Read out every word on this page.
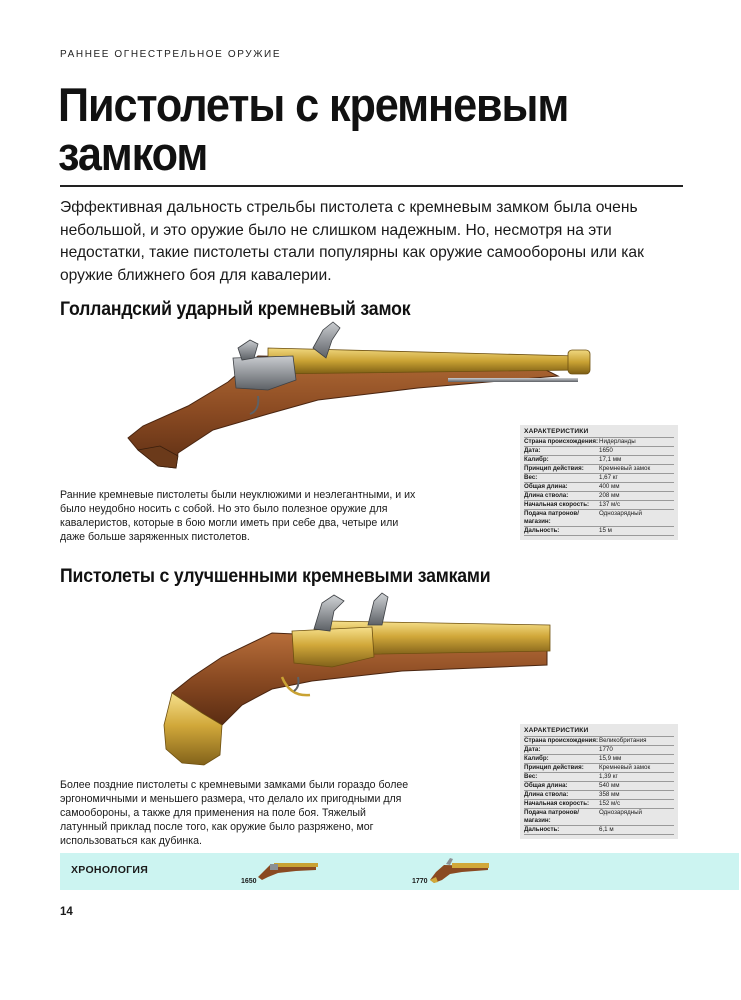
РАННЕЕ ОГНЕСТРЕЛЬНОЕ ОРУЖИЕ
Пистолеты с кремневым замком

Эффективная дальность стрельбы пистолета с кремневым замком была очень небольшой, и это оружие было не слишком надежным. Но, несмотря на эти недостатки, такие пистолеты стали популярны как оружие самообороны или как оружие ближнего боя для кавалерии.

Голландский ударный кремневый замок

Ранние кремневые пистолеты были неуклюжими и неэлегантными, и их было неудобно носить с собой. Но это было полезное оружие для кавалеристов, которые в бою могли иметь при себе два, четыре или даже больше заряженных пистолетов.

ХАРАКТЕРИСТИКИ
Страна происхождения: Нидерланды
Дата:	1650
Калибр:	17,1 мм
Принцип действия:	Кремневый замок
Вес:	1,67 кг
Общая длина:	400 мм
Длина ствола:	208 мм
Начальная скорость:	137 м/с
Подача патронов/магазин:
Однозарядный
Дальность:	15 м
Пистолеты с улучшенными кремневыми замками

Более поздние пистолеты с кремневыми замками были гораздо более эргономичными и меньшего размера, что делало их пригодными для самообороны, а также для применения на поле боя. Тяжелый латунный приклад после того, как оружие было разряжено, мог использоваться как дубинка.

ХАРАКТЕРИСТИКИ
Страна происхождения: Великобритания
Дата:	1770
Калибр:	15,9 мм
Принцип действия:	Кремневый замок
Вес:	1,39 кг
Общая длина:	540 мм
Длина ствола:	358 мм
Начальная скорость:	152 м/с
Подача патронов/магазин:
Однозарядный
Дальность:	6,1 м
ХРОНОЛОГИЯ
1650	1770
14
